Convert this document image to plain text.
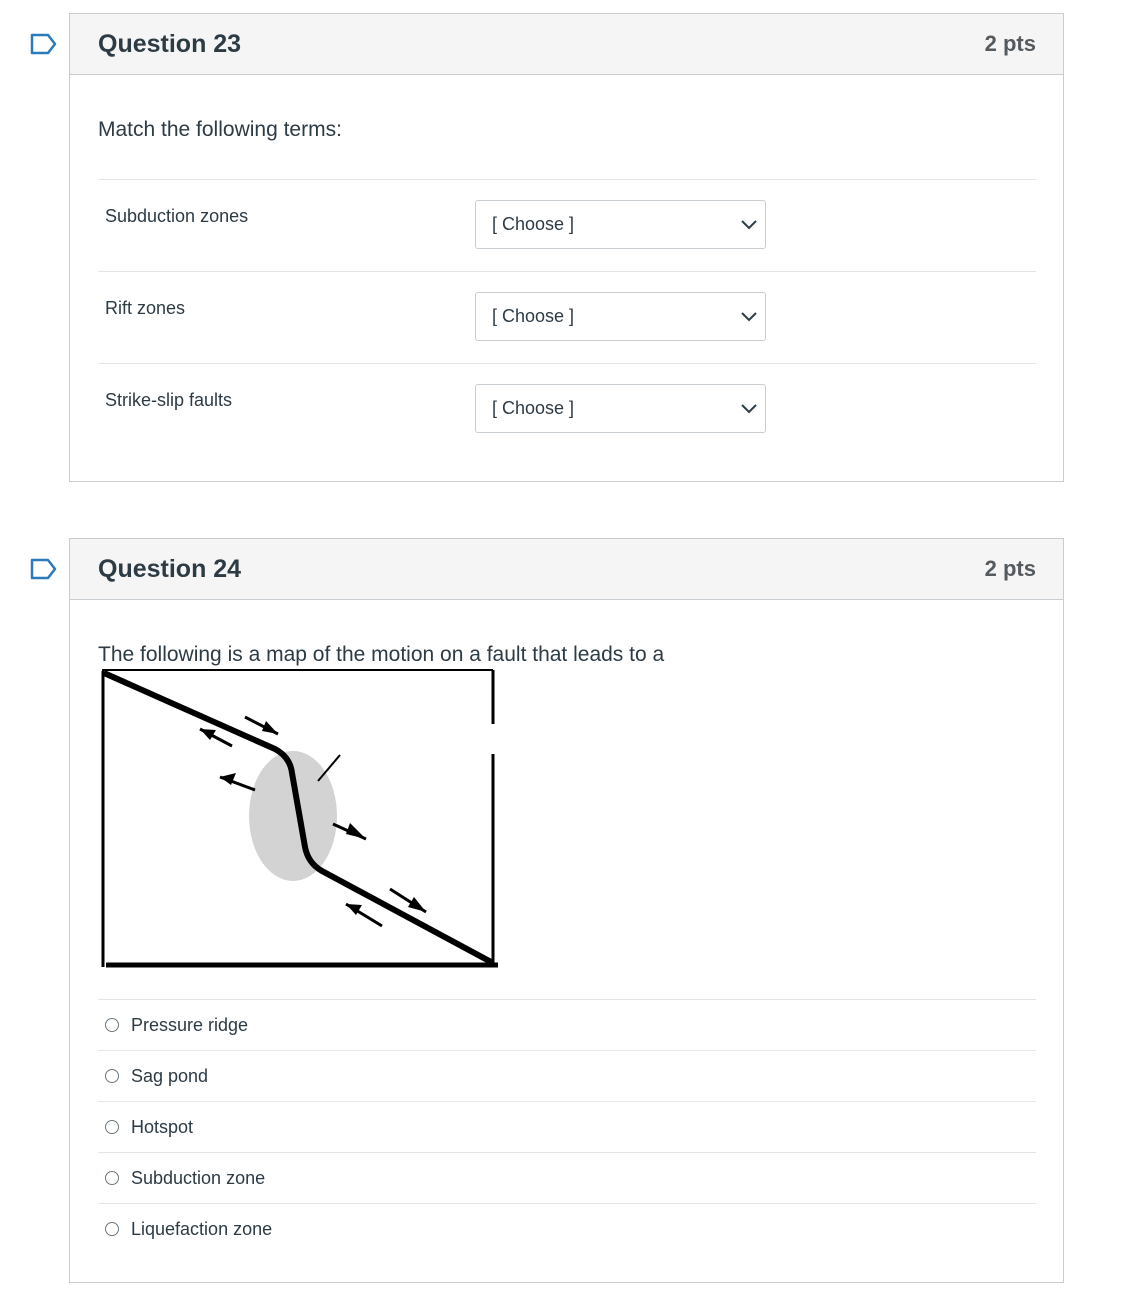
Question 23	2 pts
Match the following terms:
Subduction zones	[ Choose ]
Rift zones	[ Choose ]
Strike-slip faults	[ Choose ]
Question 24	2 pts
The following is a map of the motion on a fault that leads to a
Pressure ridge
Sag pond
Hotspot
Subduction zone
Liquefaction zone
